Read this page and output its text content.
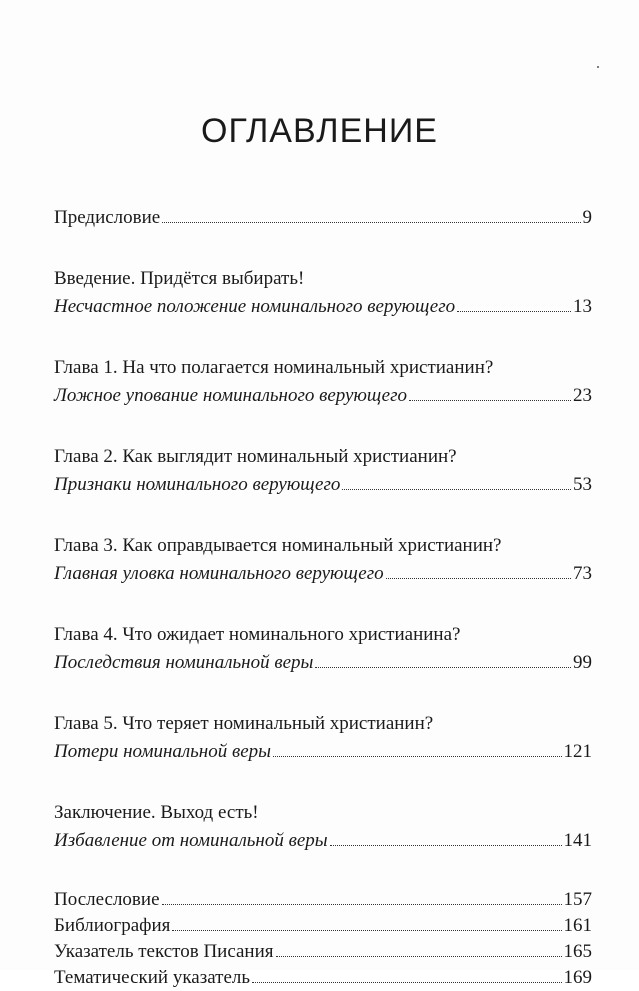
ОГЛАВЛЕНИЕ
Предисловие	9
Введение. Придётся выбирать!
Несчастное положение номинального верующего	13
Глава 1. На что полагается номинальный христианин?
Ложное упование номинального верующего	23
Глава 2. Как выглядит номинальный христианин?
Признаки номинального верующего	53
Глава 3. Как оправдывается номинальный христианин?
Главная уловка номинального верующего	73
Глава 4. Что ожидает номинального христианина?
Последствия номинальной веры	99
Глава 5. Что теряет номинальный христианин?
Потери номинальной веры	121
Заключение. Выход есть!
Избавление от номинальной веры	141
Послесловие	157
Библиография	161
Указатель текстов Писания	165
Тематический указатель	169
